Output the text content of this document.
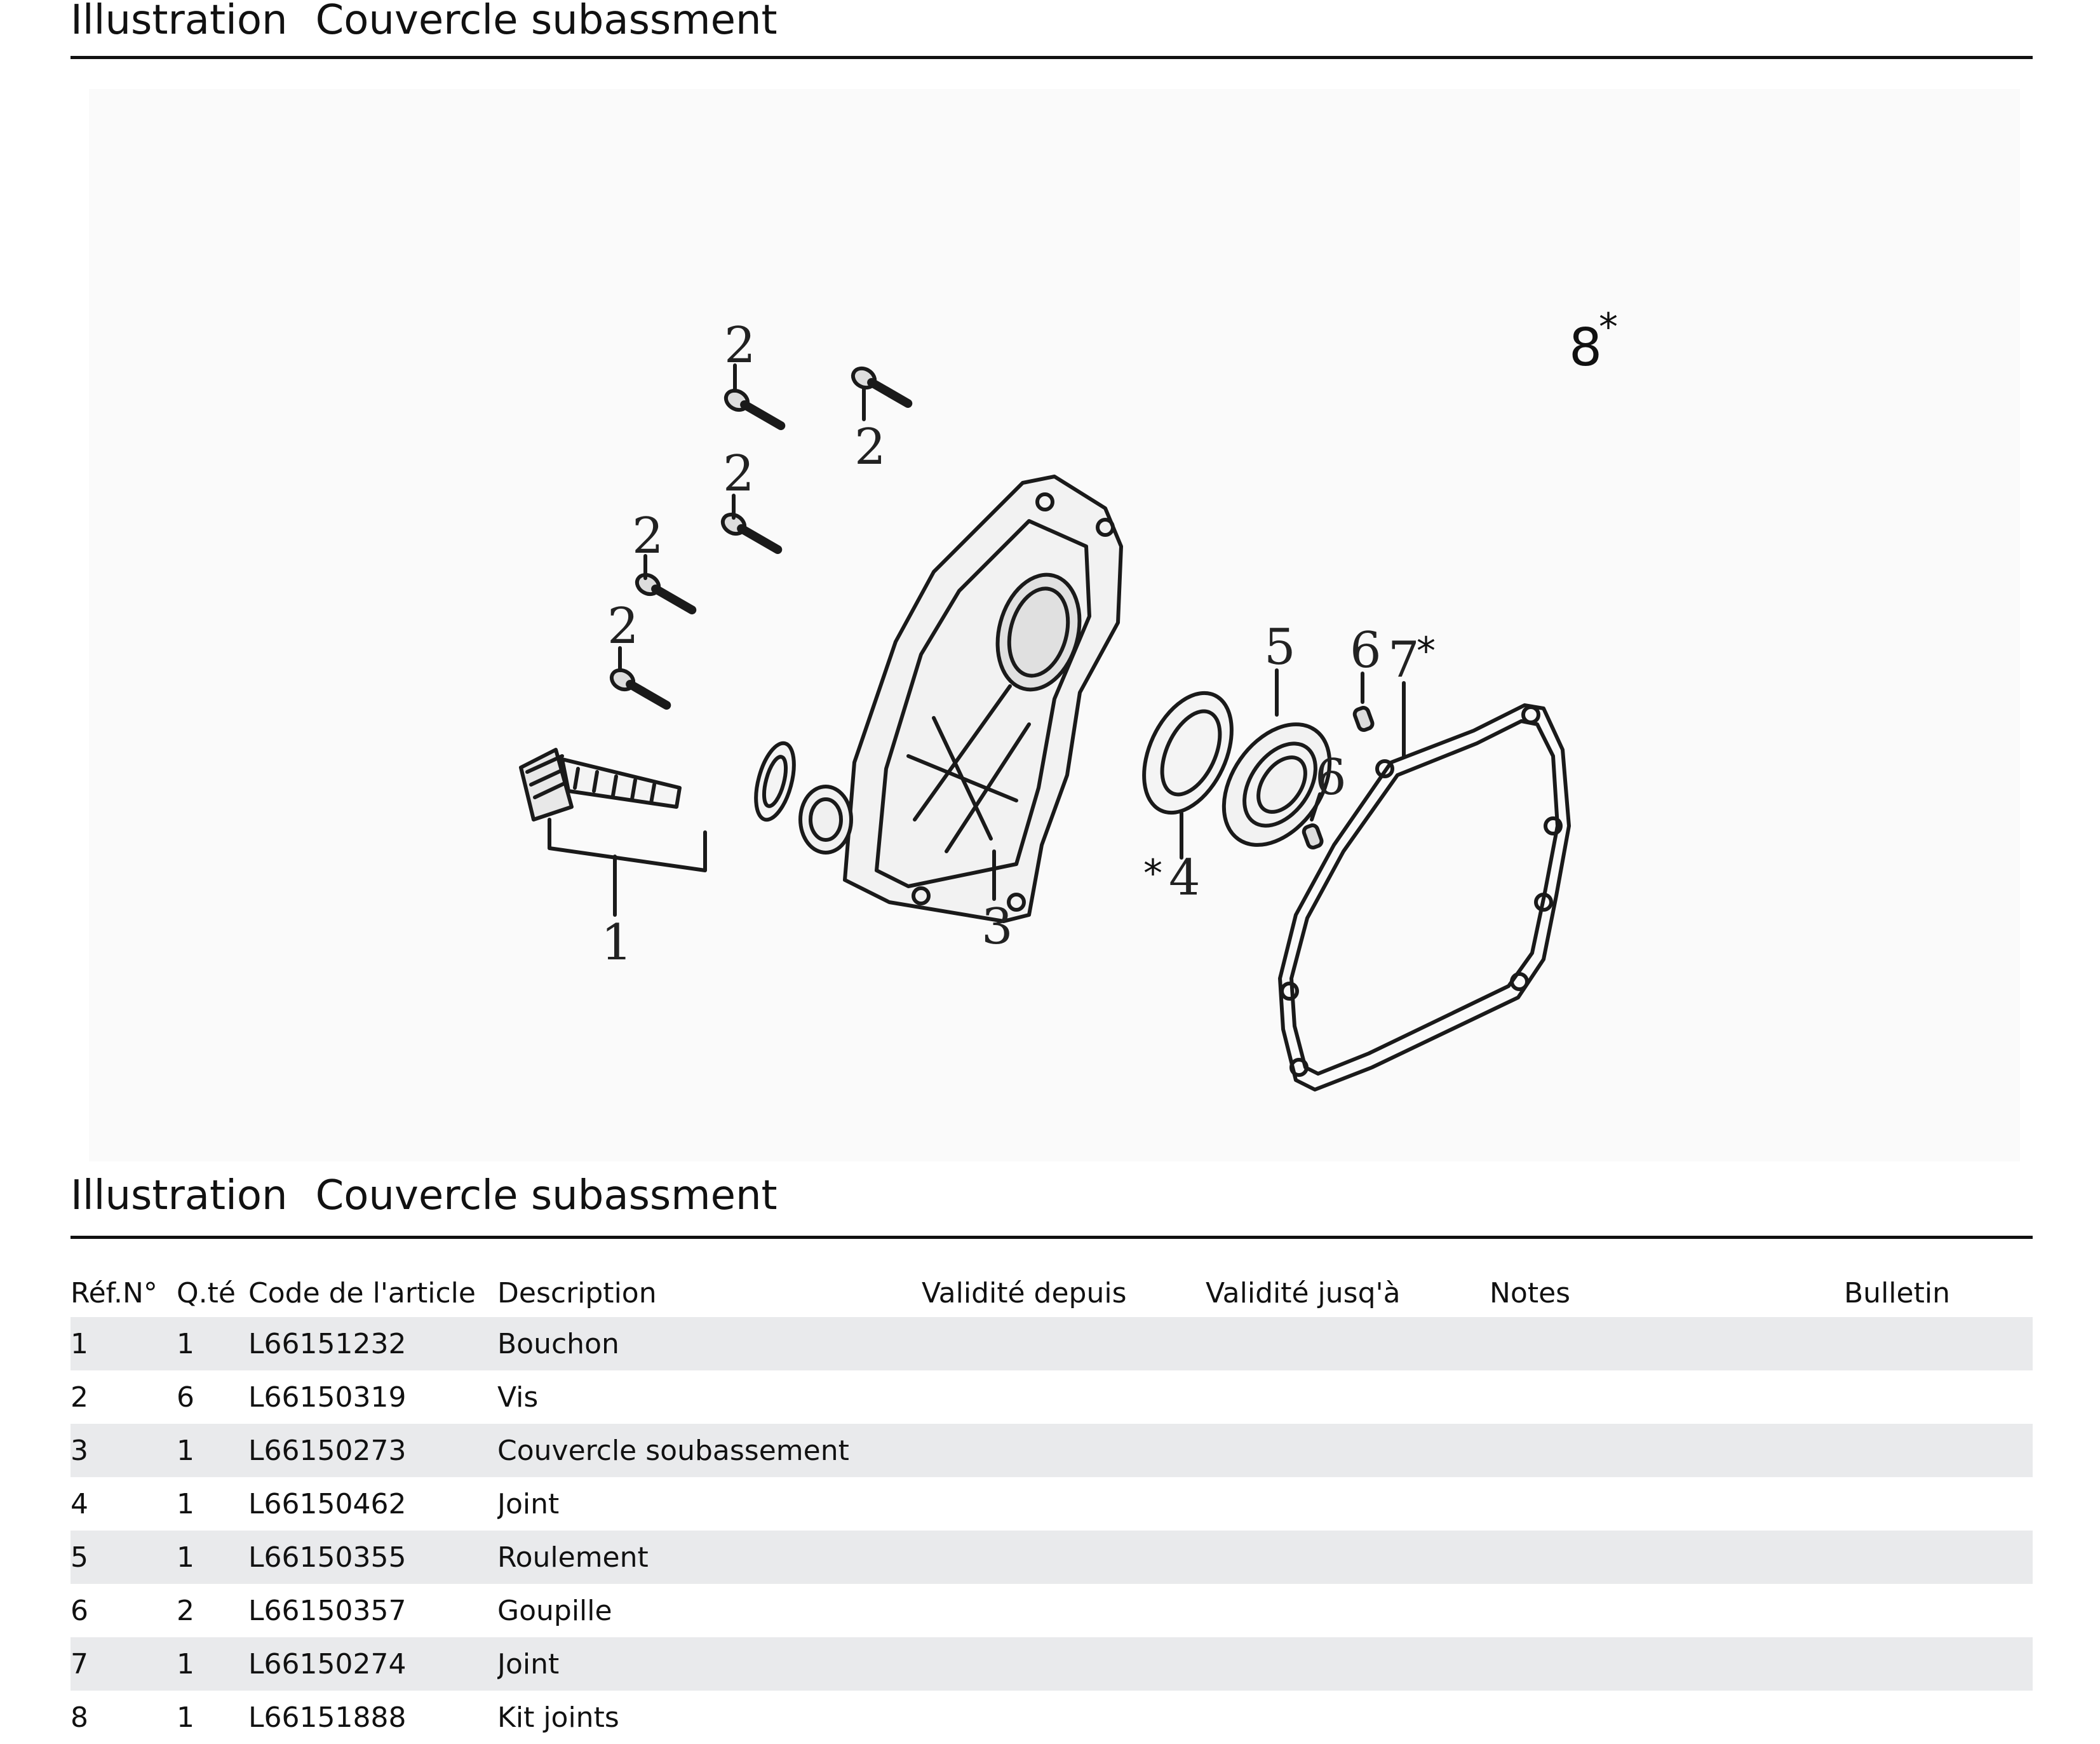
Illustration Couvercle subassment
2
2
2
2
2
1	3
* 4
5 6
6
7
*
8
*
Illustration Couvercle subassment
Réf.N°	Q.té	Code de l'article	Description	Validité depuis	Validité jusq'à	Notes	Bulletin
1	1	L66151232	Bouchon				
2	6	L66150319	Vis				
3	1	L66150273	Couvercle soubassement				
4	1	L66150462	Joint				
5	1	L66150355	Roulement				
6	2	L66150357	Goupille				
7	1	L66150274	Joint				
8	1	L66151888	Kit joints				
